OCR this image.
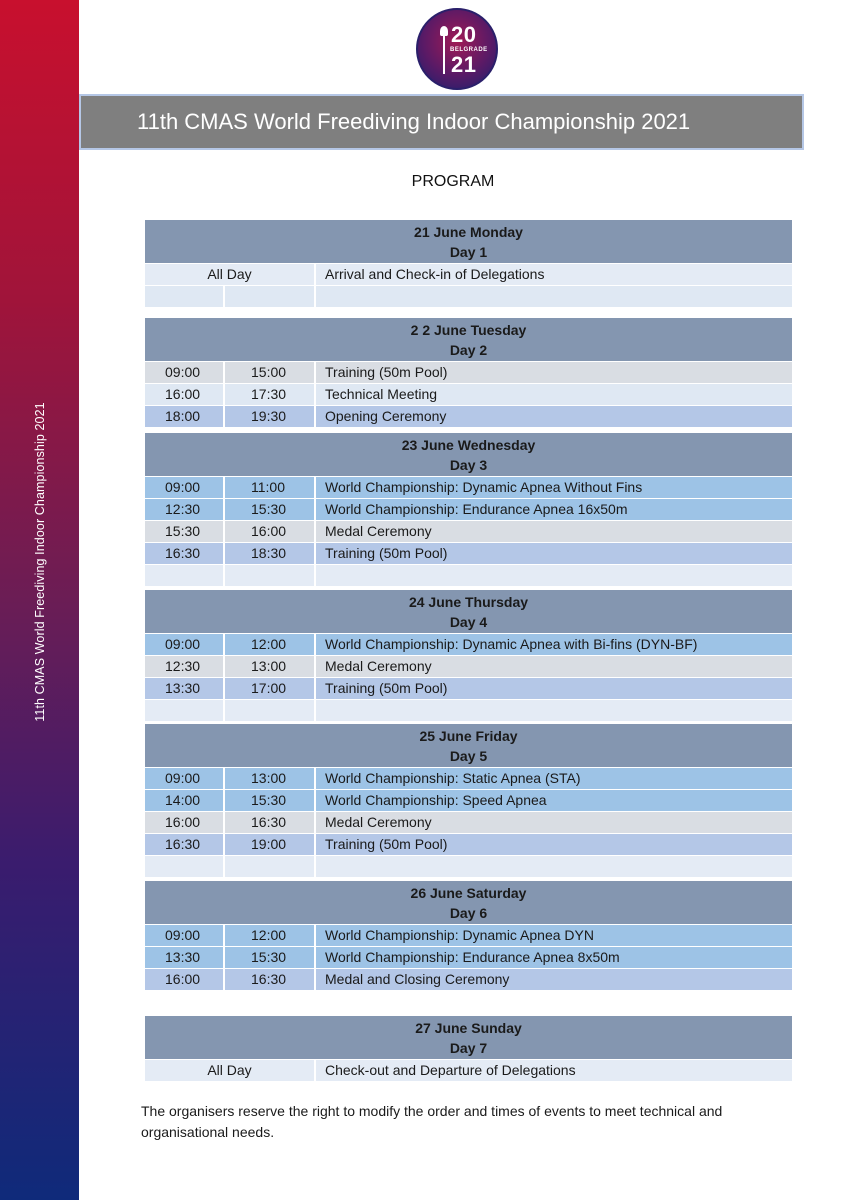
11th CMAS World Freediving Indoor Championship 2021
20
BELGRADE
21
11th CMAS World Freediving Indoor Championship 2021
PROGRAM
21 June Monday
Day 1
All Day	Arrival and Check-in of Delegations
2 2 June Tuesday
Day 2
09:00	15:00	Training (50m Pool)
16:00	17:30	Technical Meeting
18:00	19:30	Opening Ceremony
23 June Wednesday
Day 3
09:00	11:00	World Championship: Dynamic Apnea Without Fins
12:30	15:30	World Championship: Endurance Apnea 16x50m
15:30	16:00	Medal Ceremony
16:30	18:30	Training (50m Pool)
24 June Thursday
Day 4
09:00	12:00	World Championship: Dynamic Apnea with Bi-fins (DYN-BF)
12:30	13:00	Medal Ceremony
13:30	17:00	Training (50m Pool)
25 June Friday
Day 5
09:00	13:00	World Championship: Static Apnea (STA)
14:00	15:30	World Championship: Speed Apnea
16:00	16:30	Medal Ceremony
16:30	19:00	Training (50m Pool)
26 June Saturday
Day 6
09:00	12:00	World Championship: Dynamic Apnea DYN
13:30	15:30	World Championship: Endurance Apnea 8x50m
16:00	16:30	Medal and Closing Ceremony
27 June Sunday
Day 7
All Day	Check-out and Departure of Delegations
The organisers reserve the right to modify the order and times of events to meet technical and organisational needs.
